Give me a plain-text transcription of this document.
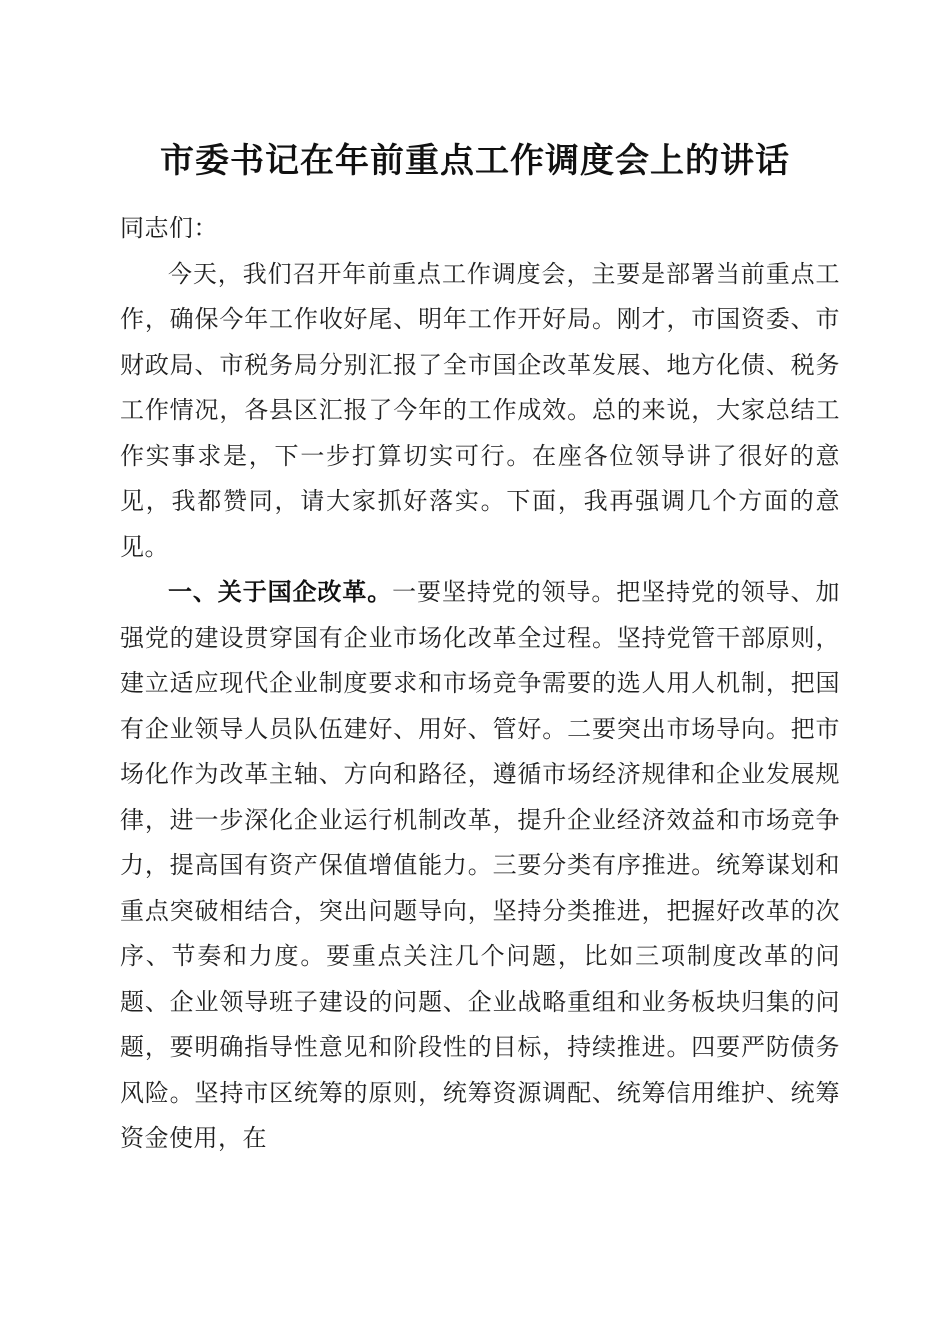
市委书记在年前重点工作调度会上的讲话

同志们：

今天，我们召开年前重点工作调度会，主要是部署当前重点工作，确保今年工作收好尾、明年工作开好局。刚才，市国资委、市财政局、市税务局分别汇报了全市国企改革发展、地方化债、税务工作情况，各县区汇报了今年的工作成效。总的来说，大家总结工作实事求是，下一步打算切实可行。在座各位领导讲了很好的意见，我都赞同，请大家抓好落实。下面，我再强调几个方面的意见。

一、关于国企改革。一要坚持党的领导。把坚持党的领导、加强党的建设贯穿国有企业市场化改革全过程。坚持党管干部原则，建立适应现代企业制度要求和市场竞争需要的选人用人机制，把国有企业领导人员队伍建好、用好、管好。二要突出市场导向。把市场化作为改革主轴、方向和路径，遵循市场经济规律和企业发展规律，进一步深化企业运行机制改革，提升企业经济效益和市场竞争力，提高国有资产保值增值能力。三要分类有序推进。统筹谋划和重点突破相结合，突出问题导向，坚持分类推进，把握好改革的次序、节奏和力度。要重点关注几个问题，比如三项制度改革的问题、企业领导班子建设的问题、企业战略重组和业务板块归集的问题，要明确指导性意见和阶段性的目标，持续推进。四要严防债务风险。坚持市区统筹的原则，统筹资源调配、统筹信用维护、统筹资金使用，在
